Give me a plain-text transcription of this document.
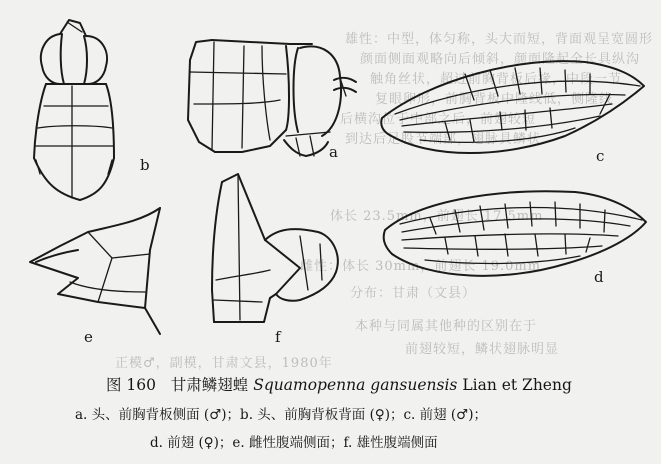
雄性：中型，体匀称，头大而短，背面观呈宽圆形
颜面侧面观略向后倾斜，颜面隆起全长具纵沟
触角丝状，超过前胸背板后缘，中段一节
复眼卵形，前胸背板中隆线低，侧隆线
后横沟位于中部之后，前翅较短
到达后足股节端部，翅脉具鳞状
体长 23.5mm，前翅长 17.5mm
雌性：体长 30mm，前翅长 19.0mm
分布：甘肃（文县）
本种与同属其他种的区别在于
前翅较短，鳞状翅脉明显
正模♂，副模，甘肃文县，1980年
b
a	c
d
e	f
图 160 甘肃鳞翅蝗 Squamopenna gansuensis Lian et Zheng
a. 头、前胸背板侧面 (♂)；b. 头、前胸背板背面 (♀)；c. 前翅 (♂)；
d. 前翅 (♀)；e. 雌性腹端侧面；f. 雄性腹端侧面
